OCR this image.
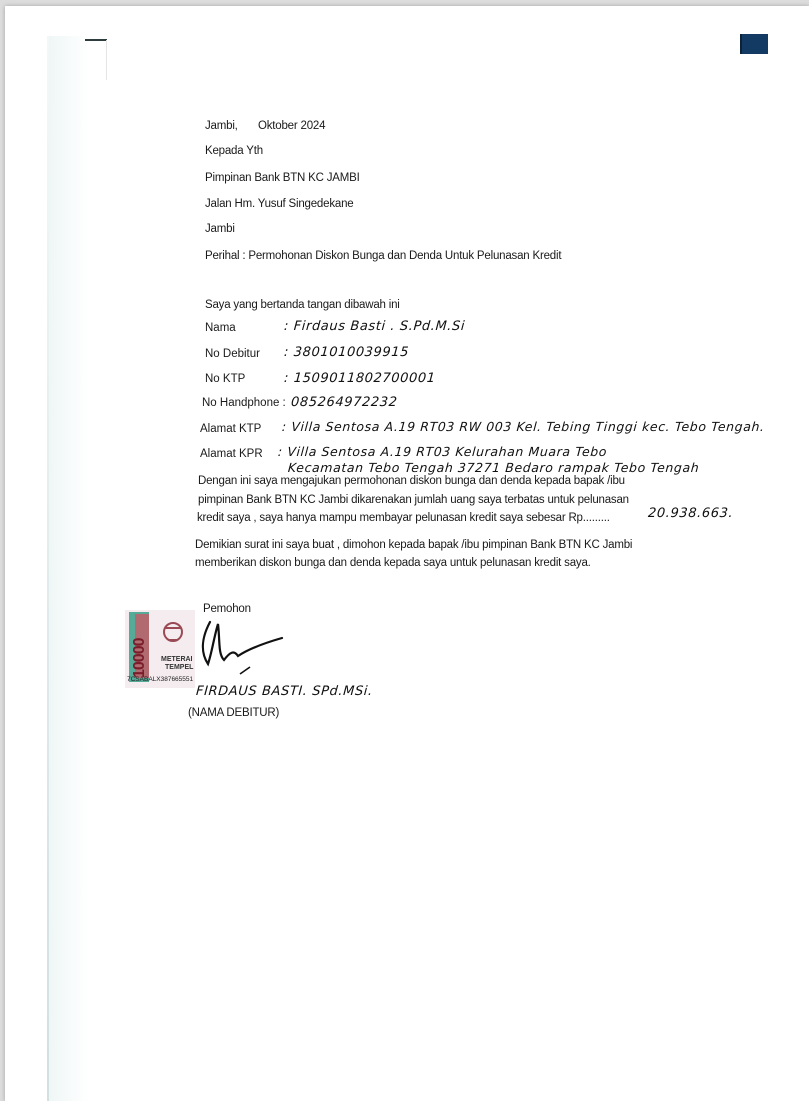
Jambi, Oktober 2024
Kepada Yth
Pimpinan Bank BTN KC JAMBI
Jalan Hm. Yusuf Singedekane
Jambi
Perihal : Permohonan Diskon Bunga dan Denda Untuk Pelunasan Kredit
Saya yang bertanda tangan dibawah ini
Nama	: Firdaus Basti . S.Pd.M.Si
No Debitur : 3801010039915
No KTP	: 1509011802700001
No Handphone : 085264972232
Alamat KTP : Villa Sentosa A.19 RT03 RW 003 Kel. Tebing Tinggi kec. Tebo Tengah.
Alamat KPR : Villa Sentosa A.19 RT03 Kelurahan Muara Tebo
Kecamatan Tebo Tengah 37271 Bedaro rampak Tebo Tengah
Dengan ini saya mengajukan permohonan diskon bunga dan denda kepada bapak /ibu
pimpinan Bank BTN KC Jambi dikarenakan jumlah uang saya terbatas untuk pelunasan
kredit saya , saya hanya mampu membayar pelunasan kredit saya sebesar Rp.........	20.938.663.
Demikian surat ini saya buat , dimohon kepada bapak /ibu pimpinan Bank BTN KC Jambi
memberikan diskon bunga dan denda kepada saya untuk pelunasan kredit saya.
Pemohon
10000	METERAI
TEMPEL
7CSABALX387665551
FIRDAUS BASTI. SPd.MSi.
(NAMA DEBITUR)
